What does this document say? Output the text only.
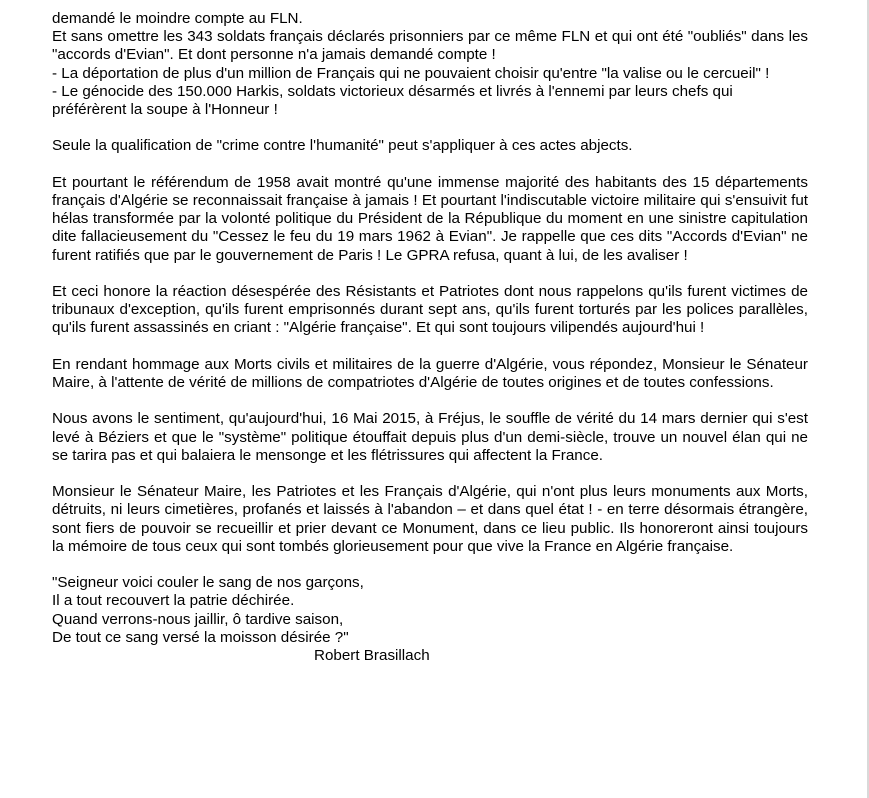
demandé le moindre compte au FLN.

Et sans omettre les 343 soldats français déclarés prisonniers par ce même FLN et qui ont été "oubliés" dans les "accords d'Evian". Et dont personne n'a jamais demandé compte !

- La déportation de plus d'un million de Français qui ne pouvaient choisir qu'entre "la valise ou le cercueil" !

- Le génocide des 150.000 Harkis, soldats victorieux désarmés et livrés à l'ennemi par leurs chefs qui préférèrent la soupe à l'Honneur !

Seule la qualification de "crime contre l'humanité" peut s'appliquer à ces actes abjects.

Et pourtant le référendum de 1958 avait montré qu'une immense majorité des habitants des 15 départements français d'Algérie se reconnaissait française à jamais ! Et pourtant l'indiscutable victoire militaire qui s'ensuivit fut hélas transformée par la volonté politique du Président de la République du moment en une sinistre capitulation dite fallacieusement du "Cessez le feu du 19 mars 1962 à Evian". Je rappelle que ces dits "Accords d'Evian" ne furent ratifiés que par le gouvernement de Paris ! Le GPRA refusa, quant à lui, de les avaliser !

Et ceci honore la réaction désespérée des Résistants et Patriotes dont nous rappelons qu'ils furent victimes de tribunaux d'exception, qu'ils furent emprisonnés durant sept ans, qu'ils furent torturés par les polices parallèles, qu'ils furent assassinés en criant : "Algérie française". Et qui sont toujours vilipendés aujourd'hui !

En rendant hommage aux Morts civils et militaires de la guerre d'Algérie, vous répondez, Monsieur le Sénateur Maire, à l'attente de vérité de millions de compatriotes d'Algérie de toutes origines et de toutes confessions.

Nous avons le sentiment, qu'aujourd'hui, 16 Mai 2015, à Fréjus, le souffle de vérité du 14 mars dernier qui s'est levé à Béziers et que le "système" politique étouffait depuis plus d'un demi-siècle, trouve un nouvel élan qui ne se tarira pas et qui balaiera le mensonge et les flétrissures qui affectent la France.

Monsieur le Sénateur Maire, les Patriotes et les Français d'Algérie, qui n'ont plus leurs monuments aux Morts, détruits, ni leurs cimetières, profanés et laissés à l'abandon – et dans quel état ! - en terre désormais étrangère, sont fiers de pouvoir se recueillir et prier devant ce Monument, dans ce lieu public. Ils honoreront ainsi toujours la mémoire de tous ceux qui sont tombés glorieusement pour que vive la France en Algérie française.

"Seigneur voici couler le sang de nos garçons,
Il a tout recouvert la patrie déchirée.
Quand verrons-nous jaillir, ô tardive saison,
De tout ce sang versé la moisson désirée ?"

Robert Brasillach
